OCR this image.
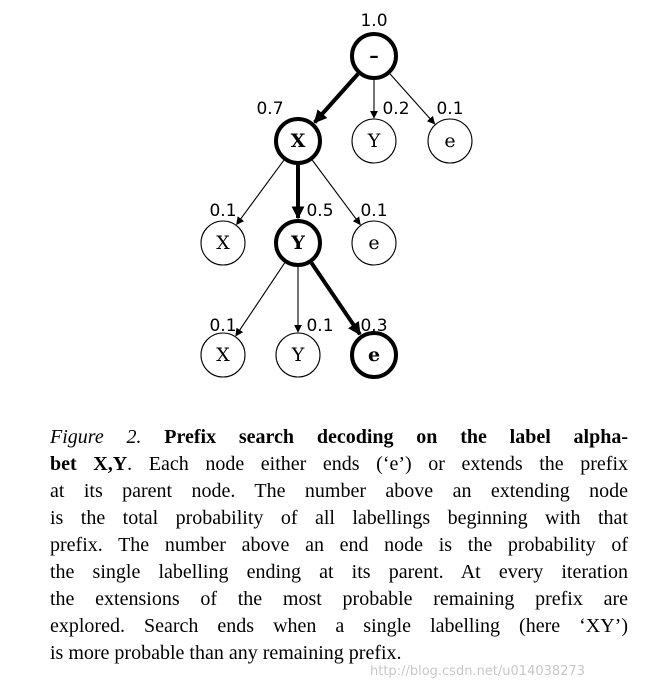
–
1.0
X
0.7
Y
0.2
e
0.1
X
0.1
Y
0.5
e
0.1
X
0.1
Y
0.1
e
0.3
Figure 2. Prefix search decoding on the label alpha-
bet X,Y. Each node either ends (‘e’) or extends the prefix
at its parent node. The number above an extending node
is the total probability of all labellings beginning with that
prefix. The number above an end node is the probability of
the single labelling ending at its parent. At every iteration
the extensions of the most probable remaining prefix are
explored. Search ends when a single labelling (here ‘XY’)
is more probable than any remaining prefix.
http://blog.csdn.net/u014038273
